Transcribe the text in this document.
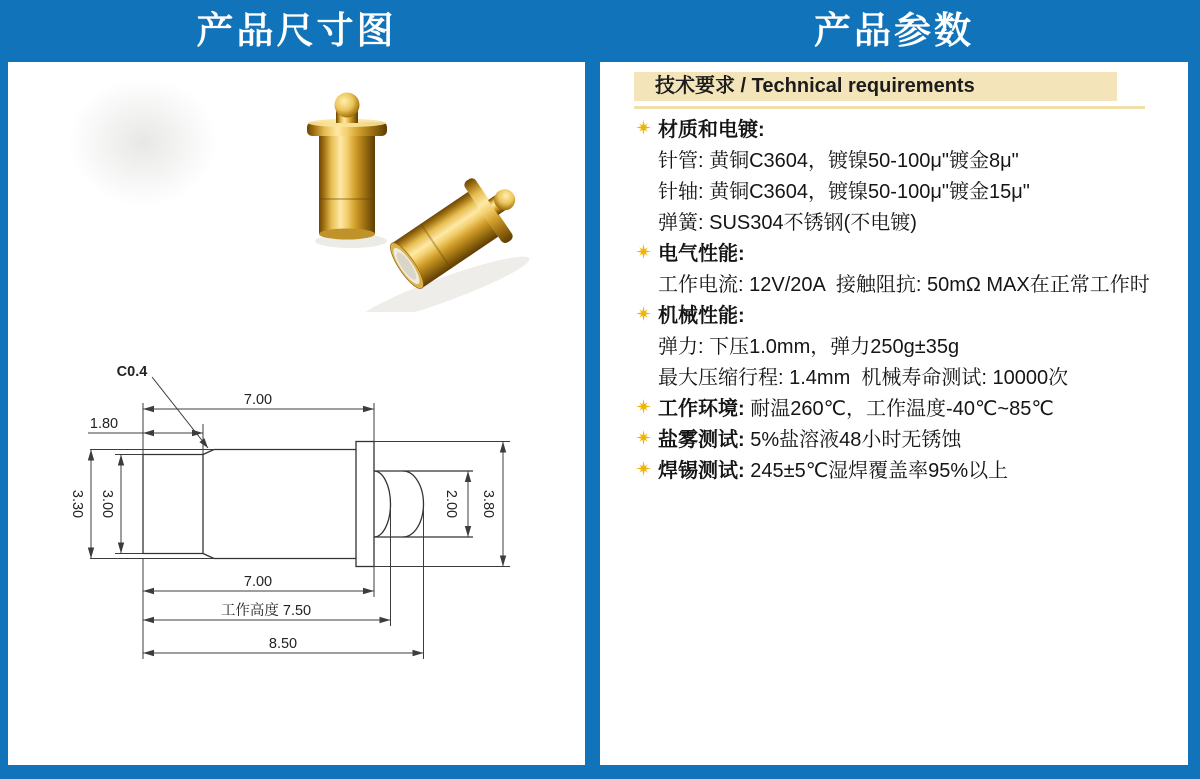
产品尺寸图	产品参数
C0.4
7.00
1.80
3.30 3.00	2.00 3.80
7.00
工作高度 7.50
8.50
技术要求 / Technical requirements
材质和电镀:
针管: 黄铜C3604，镀镍50-100μ"镀金8μ"
针轴: 黄铜C3604，镀镍50-100μ"镀金15μ"
弹簧: SUS304不锈钢(不电镀)
电气性能:
工作电流: 12V/20A  接触阻抗: 50mΩ MAX在正常工作时
机械性能:
弹力: 下压1.0mm，弹力250g±35g
最大压缩行程: 1.4mm  机械寿命测试: 10000次
工作环境: 耐温260℃，工作温度-40℃~85℃
盐雾测试: 5%盐溶液48小时无锈蚀
焊锡测试: 245±5℃湿焊覆盖率95%以上
